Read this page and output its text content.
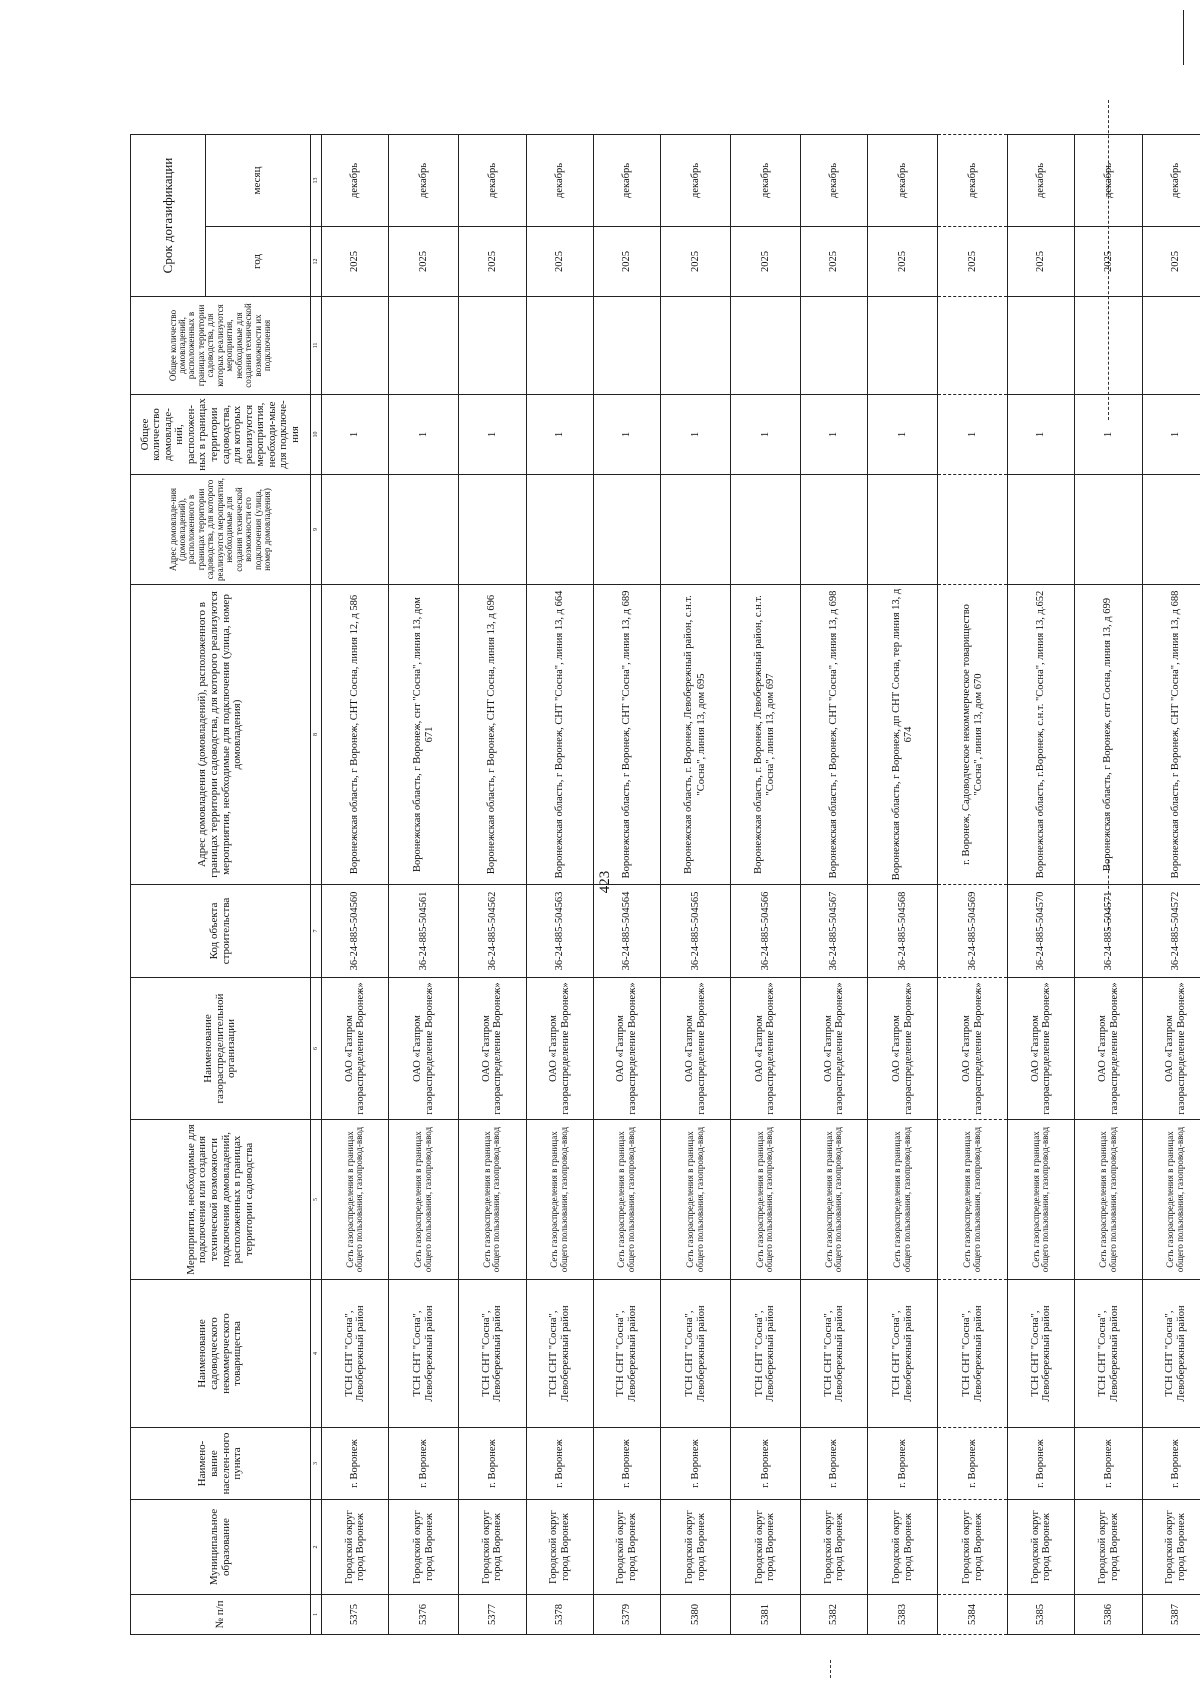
423
№ п/п	Муниципальное образование	Наимено-вание населен-ного пункта	Наименование садоводческого некоммерческого товарищества	Мероприятия, необходимые для подключения или создания технической возможности подключения домовладений, расположенных в границах территории садоводства	Наименование газораспределительной организации	Код объекта строительства	Адрес домовладения (домовладений), расположенного в границах территории садоводства, для которого реализуются мероприятия, необходимые для подключения (улица, номер домовладения)	Адрес домовладе-ния (домовладений), расположенного в границах территории садоводства, для которого реализуются мероприятия, необходимые для создания технической возможности его подключения (улица, номер домовладения)	Общее количество домовладе-ний, расположен-ных в границах территории садоводства, для которых реализуются мероприятия, необходи-мые для подключе-ния	Общее количество домовладений, расположенных в границах территории садоводства, для которых реализуются мероприятия, необходимые для создания технической возможности их подключения	Срок догазификации	
											год	месяц
1	2	3	4	5	6	7	8	9	10	11	12	13
5375	Городской округ город Воронеж	г. Воронеж	ТСН СНТ "Сосна", Левобережный район	Сеть газораспределения в границах общего пользования, газопровод-ввод	ОАО «Газпром газораспределение Воронеж»	36-24-885-504560	Воронежская область, г Воронеж, СНТ Сосна, линия 12, д 586		1		2025	декабрь
5376	Городской округ город Воронеж	г. Воронеж	ТСН СНТ "Сосна", Левобережный район	Сеть газораспределения в границах общего пользования, газопровод-ввод	ОАО «Газпром газораспределение Воронеж»	36-24-885-504561	Воронежская область, г Воронеж, снт "Сосна", линия 13, дом 671		1		2025	декабрь
5377	Городской округ город Воронеж	г. Воронеж	ТСН СНТ "Сосна", Левобережный район	Сеть газораспределения в границах общего пользования, газопровод-ввод	ОАО «Газпром газораспределение Воронеж»	36-24-885-504562	Воронежская область, г Воронеж, СНТ Сосна, линия 13, д 696		1		2025	декабрь
5378	Городской округ город Воронеж	г. Воронеж	ТСН СНТ "Сосна", Левобережный район	Сеть газораспределения в границах общего пользования, газопровод-ввод	ОАО «Газпром газораспределение Воронеж»	36-24-885-504563	Воронежская область, г Воронеж, СНТ "Сосна", линия 13, д 664		1		2025	декабрь
5379	Городской округ город Воронеж	г. Воронеж	ТСН СНТ "Сосна", Левобережный район	Сеть газораспределения в границах общего пользования, газопровод-ввод	ОАО «Газпром газораспределение Воронеж»	36-24-885-504564	Воронежская область, г Воронеж, СНТ "Сосна", линия 13, д 689		1		2025	декабрь
5380	Городской округ город Воронеж	г. Воронеж	ТСН СНТ "Сосна", Левобережный район	Сеть газораспределения в границах общего пользования, газопровод-ввод	ОАО «Газпром газораспределение Воронеж»	36-24-885-504565	Воронежская область, г. Воронеж, Левобережный район, с.н.т. "Сосна", линия 13, дом 695		1		2025	декабрь
5381	Городской округ город Воронеж	г. Воронеж	ТСН СНТ "Сосна", Левобережный район	Сеть газораспределения в границах общего пользования, газопровод-ввод	ОАО «Газпром газораспределение Воронеж»	36-24-885-504566	Воронежская область, г. Воронеж, Левобережный район, с.н.т. "Сосна", линия 13, дом 697		1		2025	декабрь
5382	Городской округ город Воронеж	г. Воронеж	ТСН СНТ "Сосна", Левобережный район	Сеть газораспределения в границах общего пользования, газопровод-ввод	ОАО «Газпром газораспределение Воронеж»	36-24-885-504567	Воронежская область, г Воронеж, СНТ "Сосна", линия 13, д 698		1		2025	декабрь
5383	Городской округ город Воронеж	г. Воронеж	ТСН СНТ "Сосна", Левобережный район	Сеть газораспределения в границах общего пользования, газопровод-ввод	ОАО «Газпром газораспределение Воронеж»	36-24-885-504568	Воронежская область, г Воронеж, дп СНТ Сосна, тер линия 13, д 674		1		2025	декабрь
5384	Городской округ город Воронеж	г. Воронеж	ТСН СНТ "Сосна", Левобережный район	Сеть газораспределения в границах общего пользования, газопровод-ввод	ОАО «Газпром газораспределение Воронеж»	36-24-885-504569	г. Воронеж, Садоводческое некоммерческое товарищество "Сосна", линия 13, дом 670		1		2025	декабрь
5385	Городской округ город Воронеж	г. Воронеж	ТСН СНТ "Сосна", Левобережный район	Сеть газораспределения в границах общего пользования, газопровод-ввод	ОАО «Газпром газораспределение Воронеж»	36-24-885-504570	Воронежская область, г.Воронеж, с.н.т. "Сосна", линия 13, д.652		1		2025	декабрь
5386	Городской округ город Воронеж	г. Воронеж	ТСН СНТ "Сосна", Левобережный район	Сеть газораспределения в границах общего пользования, газопровод-ввод	ОАО «Газпром газораспределение Воронеж»	36-24-885-504571	Воронежская область, г Воронеж, снт Сосна, линия 13, д 699		1		2025	декабрь
5387	Городской округ город Воронеж	г. Воронеж	ТСН СНТ "Сосна", Левобережный район	Сеть газораспределения в границах общего пользования, газопровод-ввод	ОАО «Газпром газораспределение Воронеж»	36-24-885-504572	Воронежская область, г Воронеж, СНТ "Сосна", линия 13, д 688		1		2025	декабрь
